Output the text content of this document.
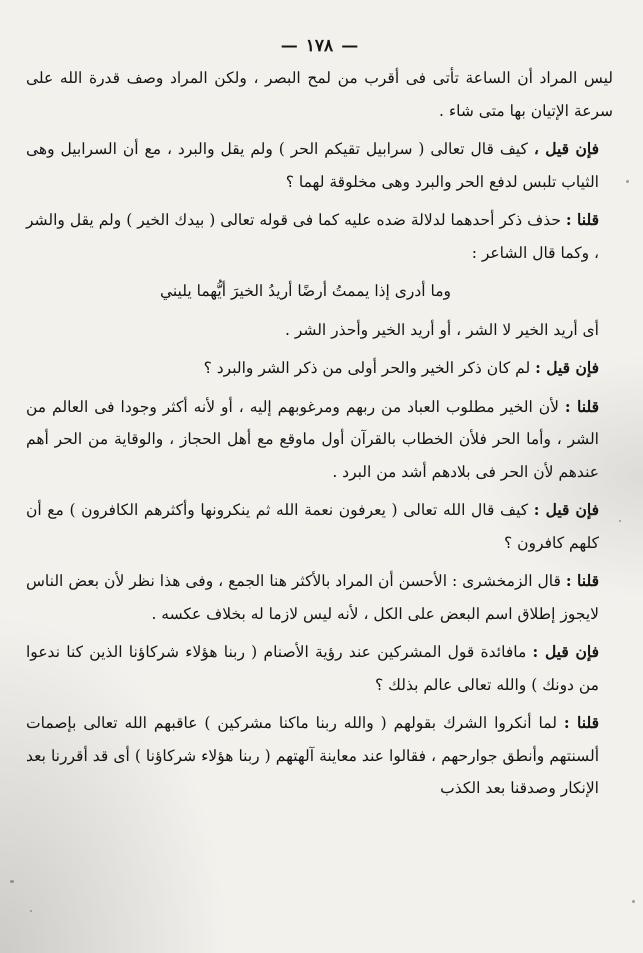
—١٧٨—

ليس المراد أن الساعة تأتى فى أقرب من لمح البصر ، ولكن المراد وصف قدرة الله على سرعة الإتيان بها متى شاء .

فإن قيل ، كيف قال تعالى ( سرابيل تقيكم الحر ) ولم يقل والبرد ، مع أن السرابيل وهى الثياب تلبس لدفع الحر والبرد وهى مخلوقة لهما ؟

قلنا : حذف ذكر أحدهما لدلالة ضده عليه كما فى قوله تعالى ( بيدك الخير ) ولم يقل والشر ، وكما قال الشاعر :

وما أدرى إذا يممتُ أرضًا أريدُ الخيرَ أيُّهما يليني

أى أريد الخير لا الشر ، أو أريد الخير وأحذر الشر .

فإن قيل : لم كان ذكر الخير والحر أولى من ذكر الشر والبرد ؟

قلنا : لأن الخير مطلوب العباد من ربهم ومرغوبهم إليه ، أو لأنه أكثر وجودا فى العالم من الشر ، وأما الحر فلأن الخطاب بالقرآن أول ماوقع مع أهل الحجاز ، والوقاية من الحر أهم عندهم لأن الحر فى بلادهم أشد من البرد .

فإن قيل : كيف قال الله تعالى ( يعرفون نعمة الله ثم ينكرونها وأكثرهم الكافرون ) مع أن كلهم كافرون ؟

قلنا : قال الزمخشرى : الأحسن أن المراد بالأكثر هنا الجمع ، وفى هذا نظر لأن بعض الناس لايجوز إطلاق اسم البعض على الكل ، لأنه ليس لازما له بخلاف عكسه .

فإن قيل : مافائدة قول المشركين عند رؤية الأصنام ( ربنا هؤلاء شركاؤنا الذين كنا ندعوا من دونك ) والله تعالى عالم بذلك ؟

قلنا : لما أنكروا الشرك بقولهم ( والله ربنا ماكنا مشركين ) عاقبهم الله تعالى بإصمات ألسنتهم وأنطق جوارحهم ، فقالوا عند معاينة آلهتهم ( ربنا هؤلاء شركاؤنا ) أى قد أقررنا بعد الإنكار وصدقنا بعد الكذب
